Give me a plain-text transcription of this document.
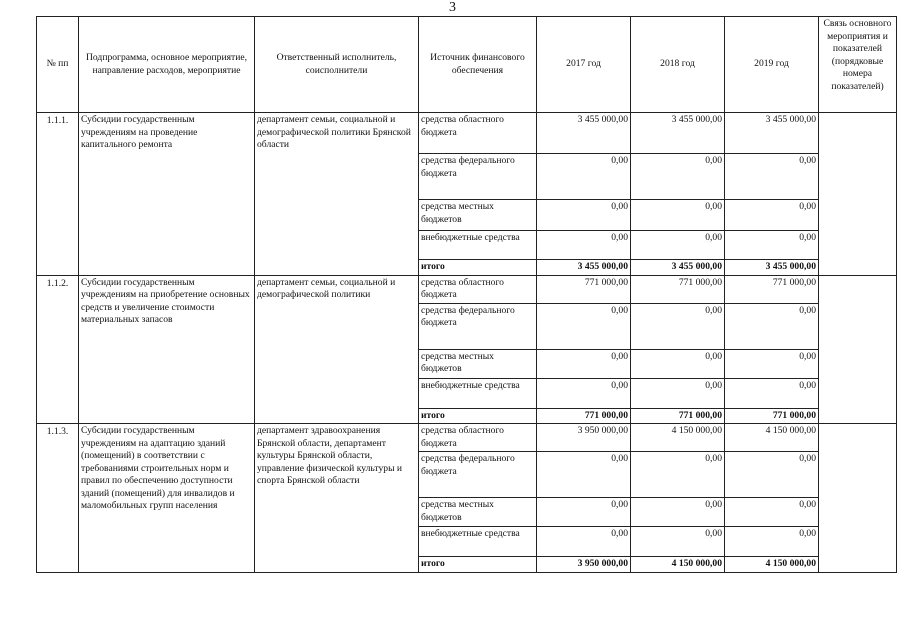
3
№ пп	Подпрограмма, основное мероприятие, направление расходов, мероприятие	Ответственный исполнитель, соисполнители	Источник финансового обеспечения	2017 год	2018 год	2019 год	Связь основного мероприятия и показателей (порядковые номера показателей)
1.1.1.	Субсидии государственным учреждениям на проведение капитального ремонта	департамент семьи, социальной и демографической политики Брянской области	средства областного бюджета	3 455 000,00	3 455 000,00	3 455 000,00	
			средства федерального бюджета	0,00	0,00	0,00	
			средства местных бюджетов	0,00	0,00	0,00	
			внебюджетные средства	0,00	0,00	0,00	
			итого	3 455 000,00	3 455 000,00	3 455 000,00	
1.1.2.	Субсидии государственным учреждениям на приобретение основных средств и увеличение стоимости материальных запасов	департамент семьи, социальной и демографической политики	средства областного бюджета	771 000,00	771 000,00	771 000,00	
			средства федерального бюджета	0,00	0,00	0,00	
			средства местных бюджетов	0,00	0,00	0,00	
			внебюджетные средства	0,00	0,00	0,00	
			итого	771 000,00	771 000,00	771 000,00	
1.1.3.	Субсидии государственным учреждениям на адаптацию зданий (помещений) в соответствии с требованиями строительных норм и правил по обеспечению доступности зданий (помещений) для инвалидов и маломобильных групп населения	департамент здравоохранения Брянской области, департамент культуры Брянской области, управление физической культуры и спорта Брянской области	средства областного бюджета	3 950 000,00	4 150 000,00	4 150 000,00	
			средства федерального бюджета	0,00	0,00	0,00	
			средства местных бюджетов	0,00	0,00	0,00	
			внебюджетные средства	0,00	0,00	0,00	
			итого	3 950 000,00	4 150 000,00	4 150 000,00	
